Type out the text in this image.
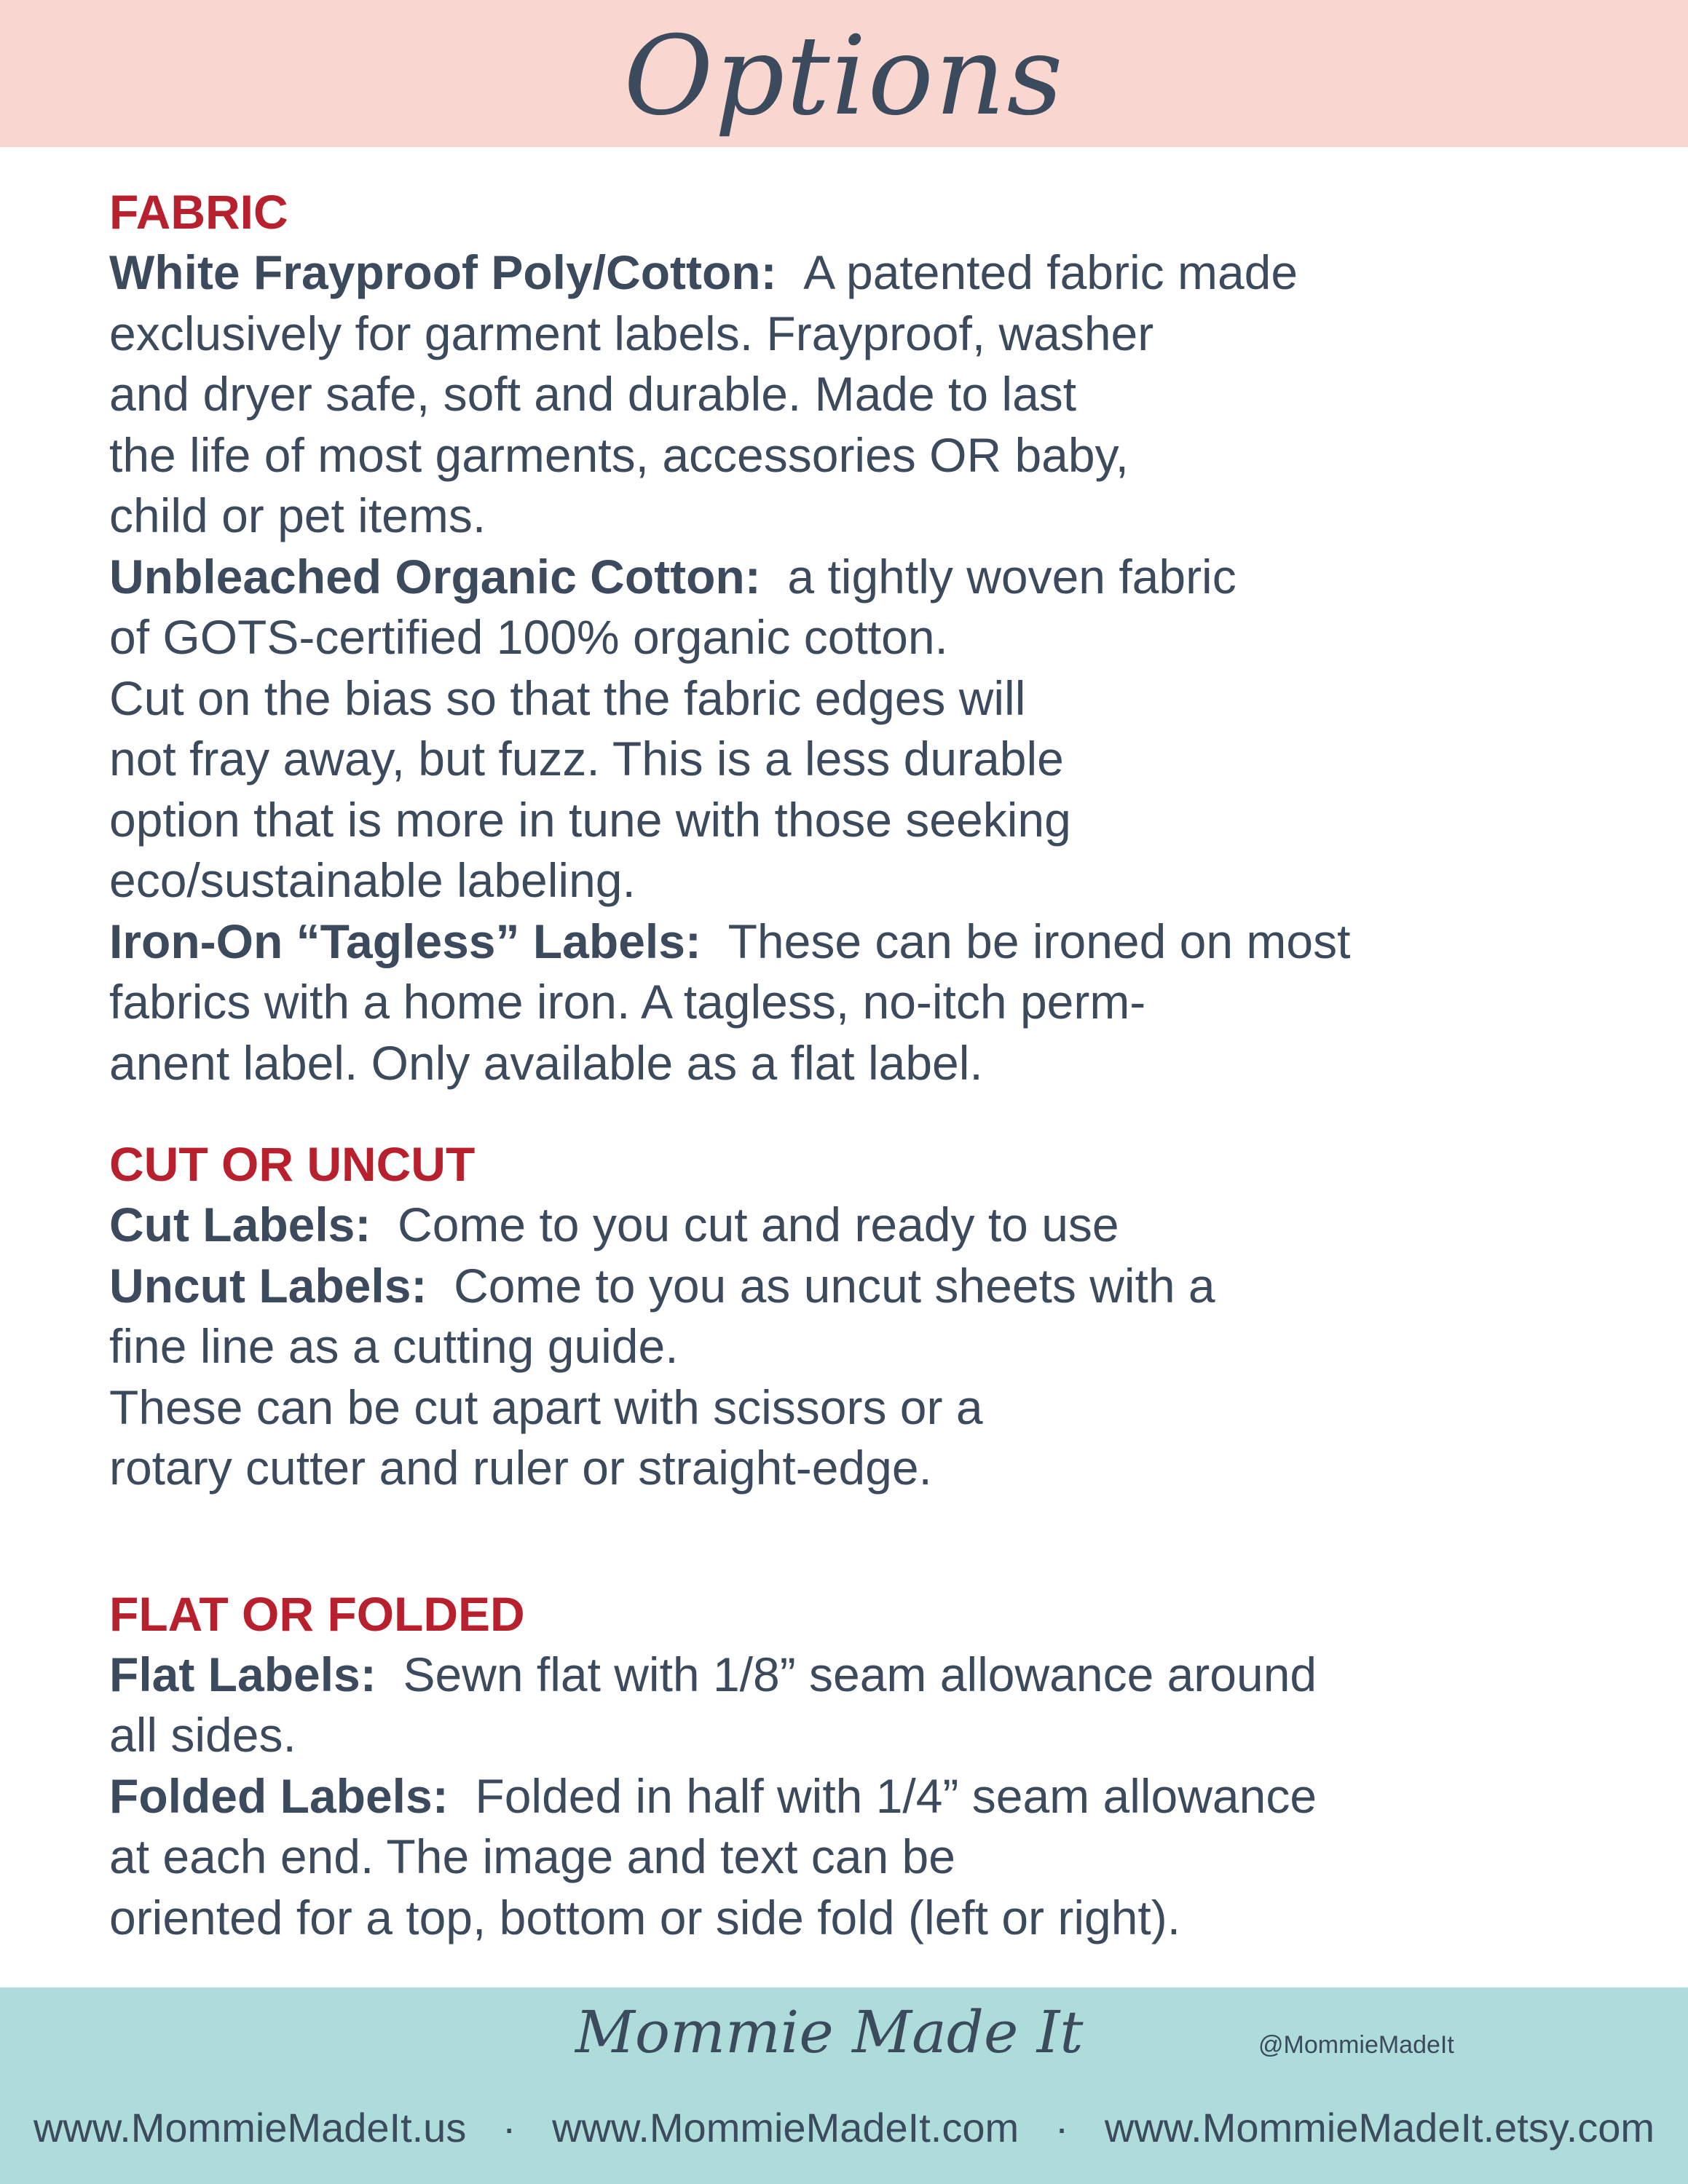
Options

FABRIC

White Frayproof Poly/Cotton: A patented fabric made
exclusively for garment labels. Frayproof, washer
and dryer safe, soft and durable. Made to last
the life of most garments, accessories OR baby,
child or pet items.

Unbleached Organic Cotton: a tightly woven fabric
of GOTS-certified 100% organic cotton.
Cut on the bias so that the fabric edges will
not fray away, but fuzz. This is a less durable
option that is more in tune with those seeking
eco/sustainable labeling.

Iron-On “Tagless” Labels: These can be ironed on most
fabrics with a home iron. A tagless, no-itch perm-
anent label. Only available as a flat label.

CUT OR UNCUT

Cut Labels: Come to you cut and ready to use

Uncut Labels: Come to you as uncut sheets with a
fine line as a cutting guide.
These can be cut apart with scissors or a
rotary cutter and ruler or straight-edge.

FLAT OR FOLDED

Flat Labels: Sewn flat with 1/8” seam allowance around
all sides.

Folded Labels: Folded in half with 1/4” seam allowance
at each end. The image and text can be
oriented for a top, bottom or side fold (left or right).

Mommie Made It	@MommieMadeIt
www.MommieMadeIt.us · www.MommieMadeIt.com · www.MommieMadeIt.etsy.com
